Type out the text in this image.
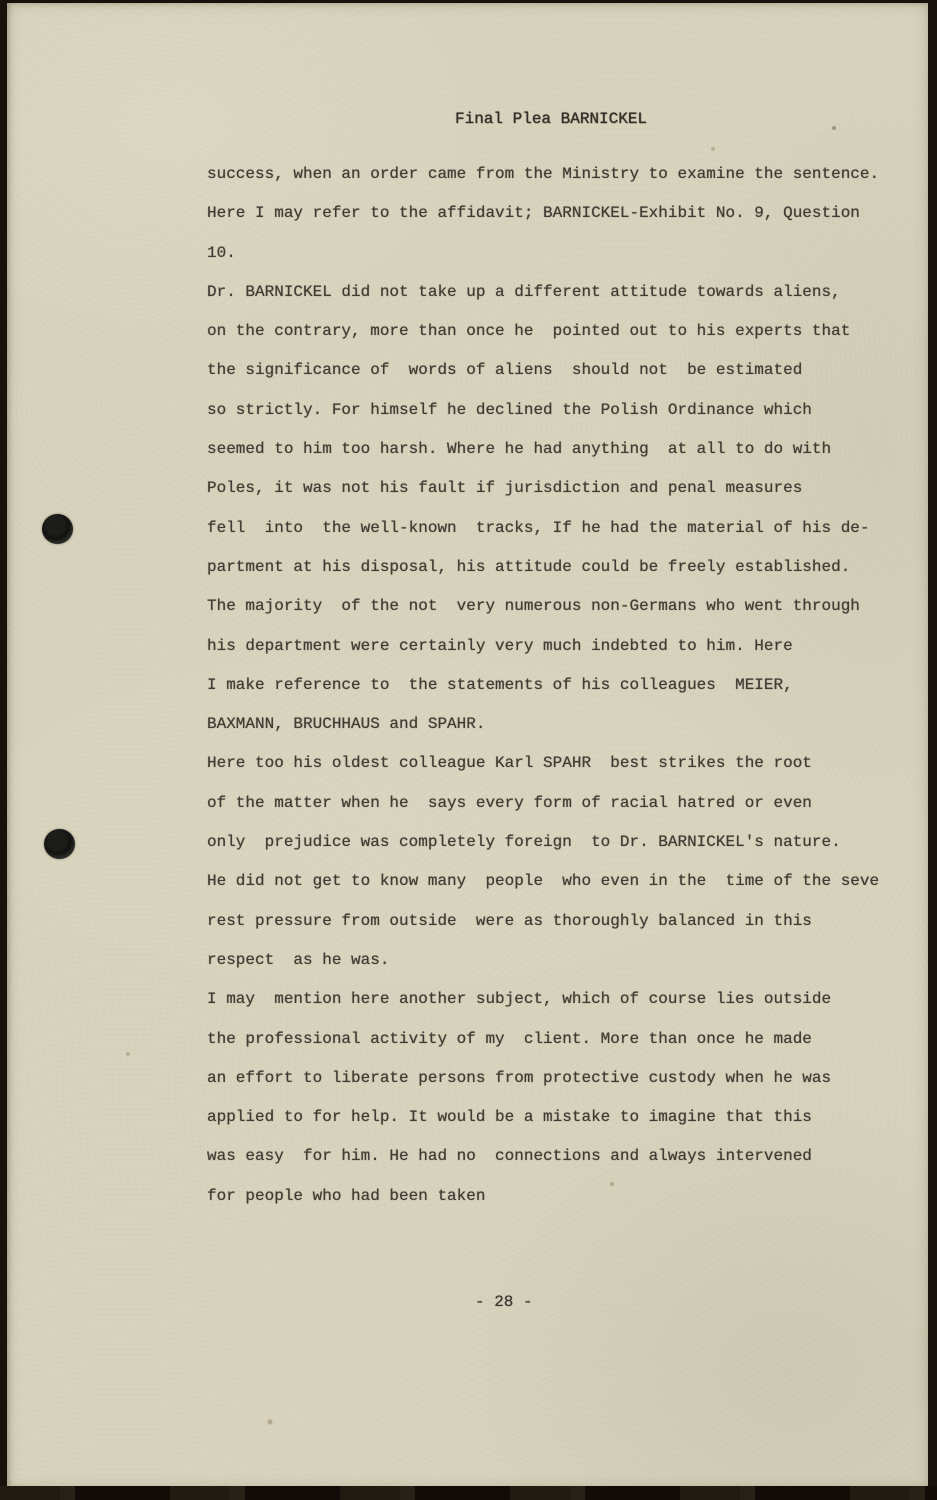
Final Plea BARNICKEL
success, when an order came from the Ministry to examine the sentence.
Here I may refer to the affidavit; BARNICKEL-Exhibit No. 9, Question
10.
Dr. BARNICKEL did not take up a different attitude towards aliens,
on the contrary, more than once he  pointed out to his experts that
the significance of  words of aliens  should not  be estimated
so strictly. For himself he declined the Polish Ordinance which
seemed to him too harsh. Where he had anything  at all to do with
Poles, it was not his fault if jurisdiction and penal measures
fell  into  the well-known  tracks, If he had the material of his de-
partment at his disposal, his attitude could be freely established.
The majority  of the not  very numerous non-Germans who went through
his department were certainly very much indebted to him. Here
I make reference to  the statements of his colleagues  MEIER,
BAXMANN, BRUCHHAUS and SPAHR.
Here too his oldest colleague Karl SPAHR  best strikes the root
of the matter when he  says every form of racial hatred or even
only  prejudice was completely foreign  to Dr. BARNICKEL's nature.
He did not get to know many  people  who even in the  time of the seve
rest pressure from outside  were as thoroughly balanced in this
respect  as he was.
I may  mention here another subject, which of course lies outside
the professional activity of my  client. More than once he made
an effort to liberate persons from protective custody when he was
applied to for help. It would be a mistake to imagine that this
was easy  for him. He had no  connections and always intervened
for people who had been taken
- 28 -
